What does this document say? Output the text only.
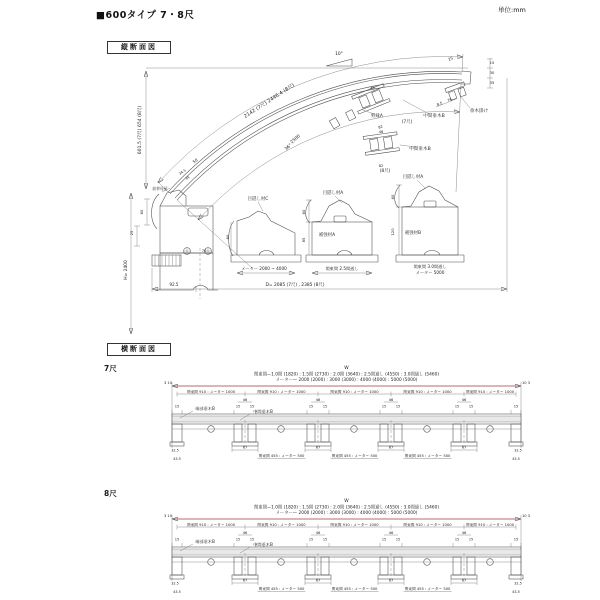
■600タイプ 7・8尺	単位:mm
縦断面図
横断面図
2142 (7尺) 2446.4 (8尺)
2500
36°
50
34.5
34
10°
15
15
30
35
8.5
76
垂木掛け
野縁A
(7尺)
中間垂木B
46
82
46
82
(8尺)
中間垂木B
601.5 (7尺) 654 (8尺)
前枠母屋
60
25
H= 2400
92.5
70
目隠し材C
メーター 2000 ~ 4000
目隠し材A
補強材A
関東間 2.5間通し
目隠し材A
補強材B
関東間 3.0間通し
メーター 5000
D= 2085 (7尺) , 2385 (8尺)
60
85
60
120
60
7尺	W
関東間—1.0間 (1820) : 1.5間 (2730) : 2.0間 (3640) : 2.5間通し (4550) : 3.0間通し (5460)
メーター— 2000 (2000) : 3000 (3000) : 4000 (4000) : 5000 (5000)
3 10	10 3
関東間 910 : メーター 1000	関東間 910 : メーター 1000	関東間 910 : メーター 1000	関東間 910 : メーター 1000	関東間 910 : メーター 1000
15	15
46
15	15
67
46
15	15
67
46
15	15
67
46
15	15
67
関東間 455 : メーター 500	関東間 455 : メーター 500	関東間 455 : メーター 500
32.5
43.5
32.5
43.5
端部垂木B
中間垂木B
8尺
W
関東間—1.0間 (1820) : 1.5間 (2730) : 2.0間 (3640) : 2.5間通し (4550) : 3.0間通し (5460)
メーター— 2000 (2000) : 3000 (3000) : 4000 (4000) : 5000 (5000)
3 10	10 3
関東間 910 : メーター 1000	関東間 910 : メーター 1000	関東間 910 : メーター 1000	関東間 910 : メーター 1000	関東間 910 : メーター 1000
15	15
46
15	15
67
46
15	15
67
46
15	15
67
46
15	15
67
関東間 455 : メーター 500	関東間 455 : メーター 500	関東間 455 : メーター 500
32.5
43.5
32.5
43.5
端部垂木B
中間垂木B
